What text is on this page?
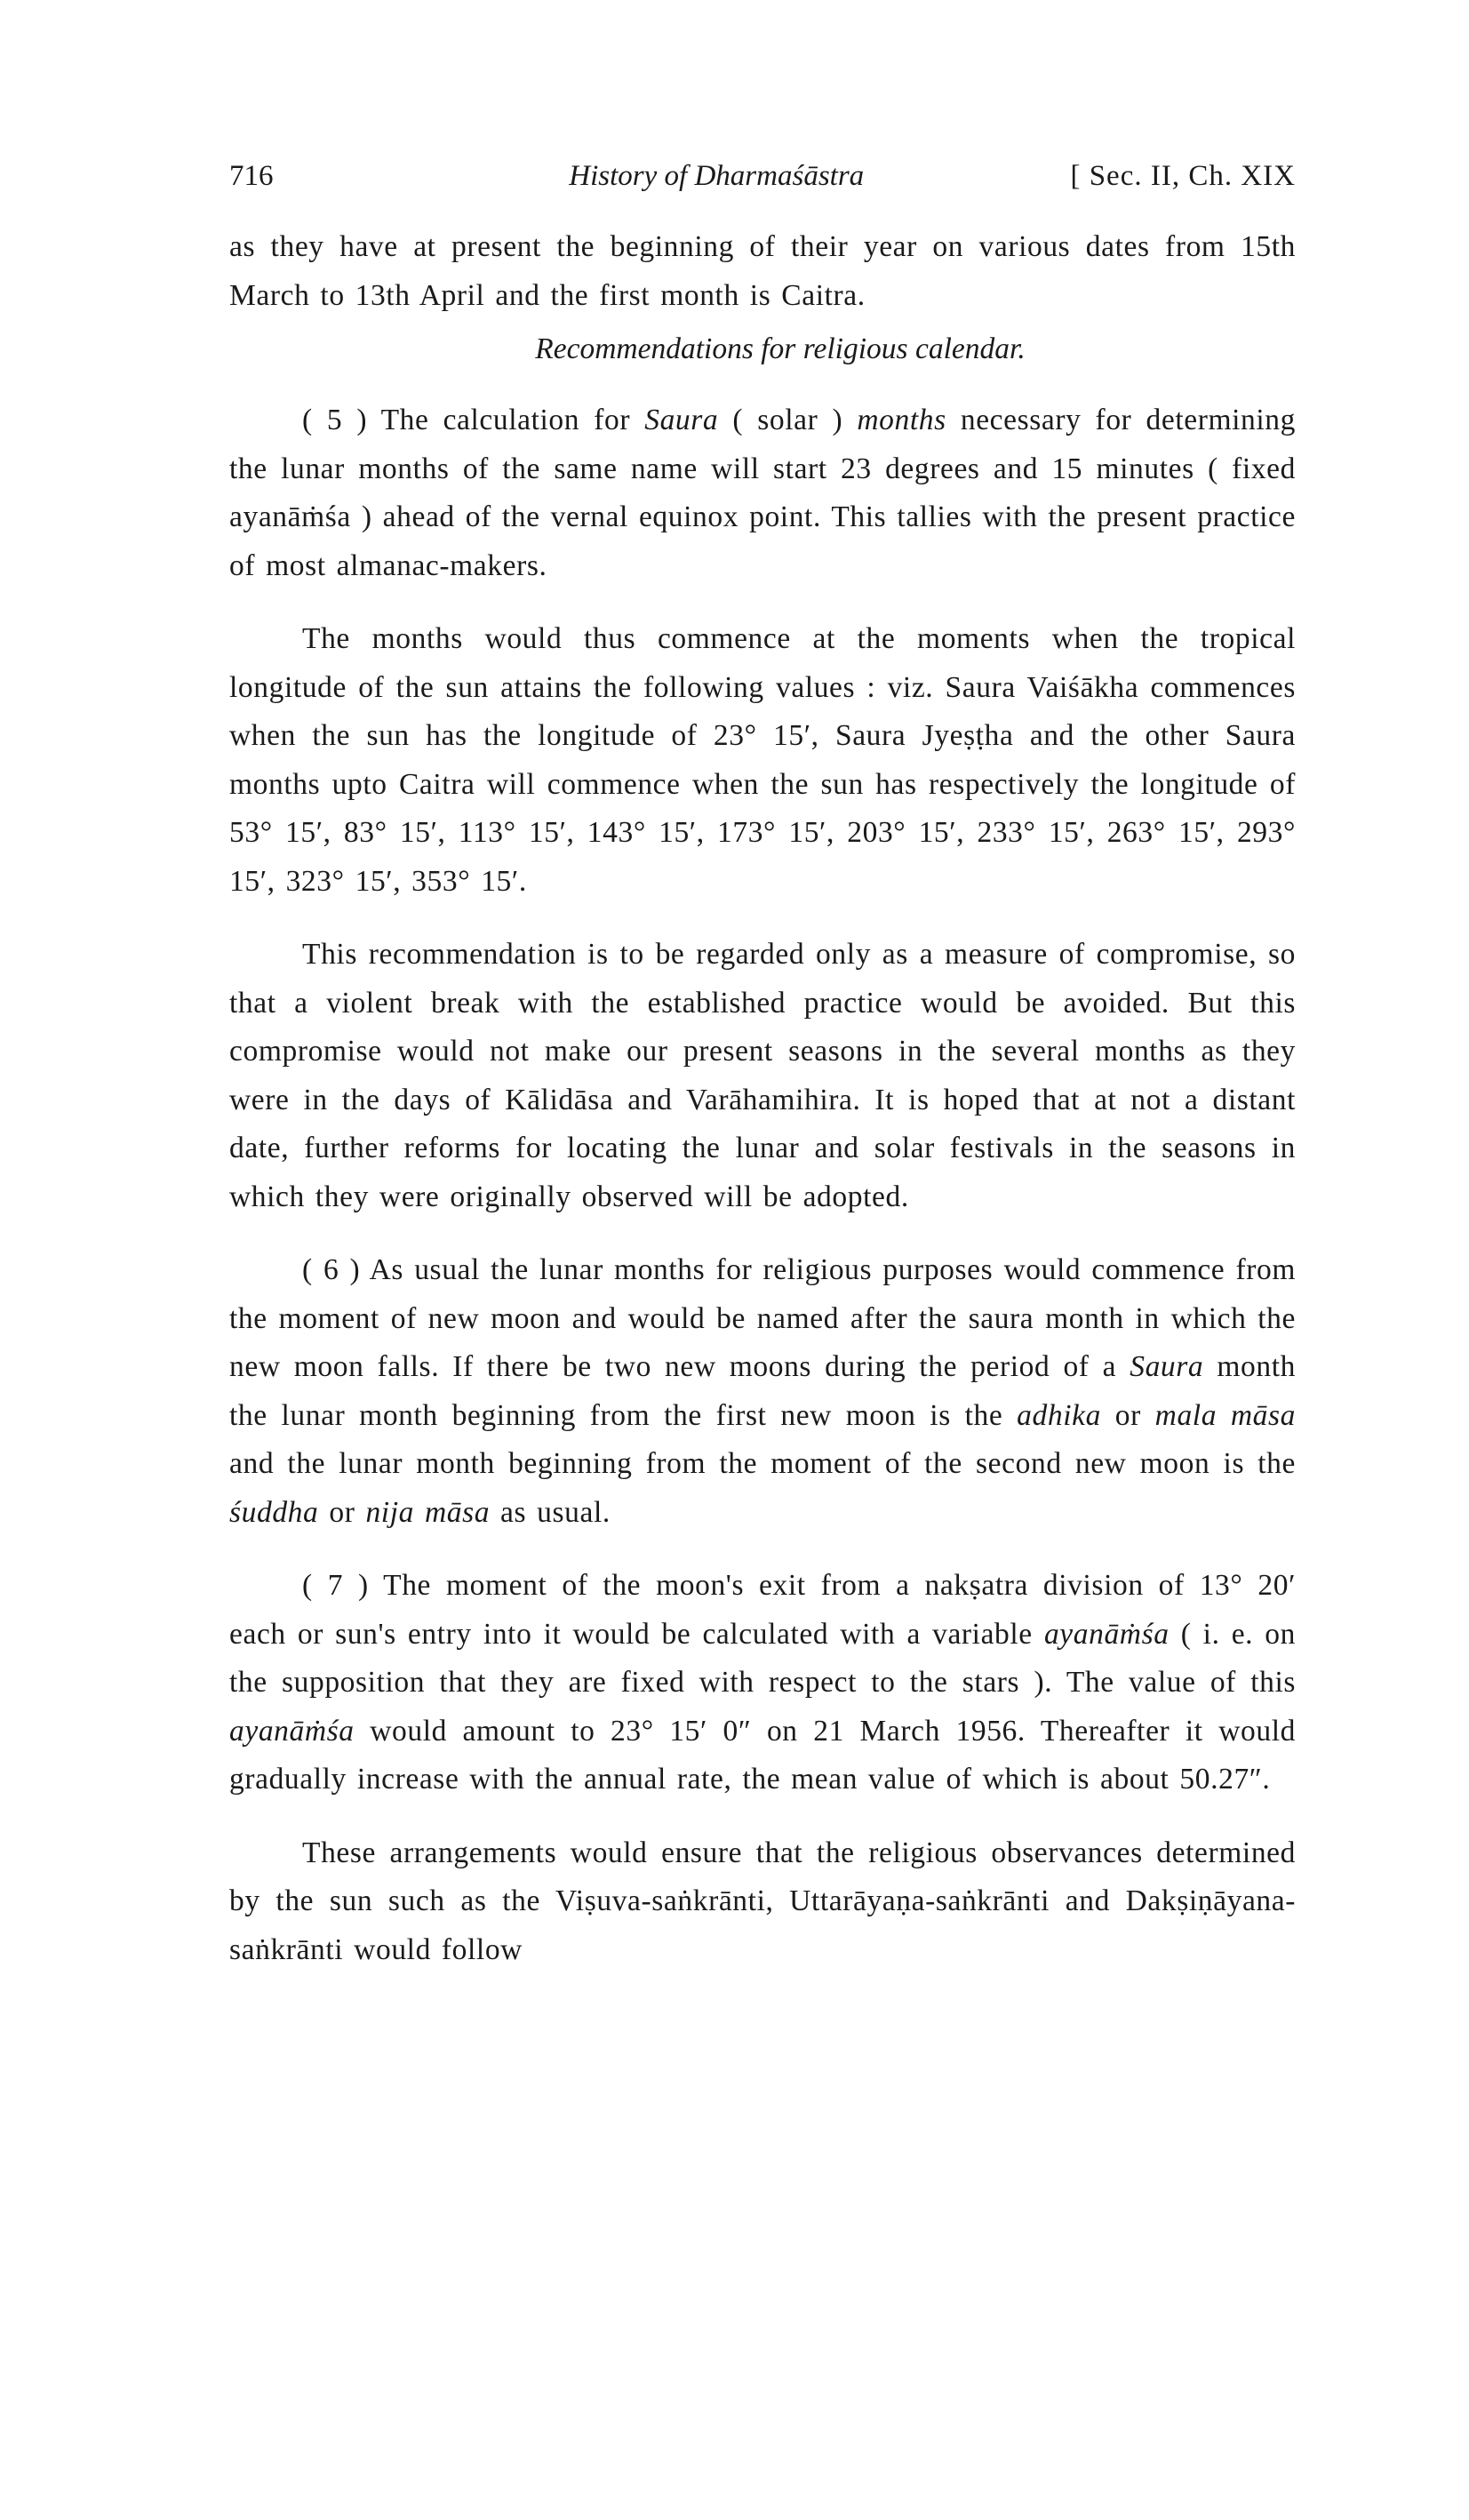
716	History of Dharmaśāstra	[ Sec. II, Ch. XIX

as they have at present the beginning of their year on various dates from 15th March to 13th April and the first month is Caitra.

Recommendations for religious calendar.

( 5 ) The calculation for Saura ( solar ) months necessary for determining the lunar months of the same name will start 23 degrees and 15 minutes ( fixed ayanāṁśa ) ahead of the vernal equinox point. This tallies with the present practice of most almanac-makers.

The months would thus commence at the moments when the tropical longitude of the sun attains the following values : viz. Saura Vaiśākha commences when the sun has the longitude of 23° 15′, Saura Jyeṣṭha and the other Saura months upto Caitra will commence when the sun has respectively the longitude of 53° 15′, 83° 15′, 113° 15′, 143° 15′, 173° 15′, 203° 15′, 233° 15′, 263° 15′, 293° 15′, 323° 15′, 353° 15′.

This recommendation is to be regarded only as a measure of compromise, so that a violent break with the established practice would be avoided. But this compromise would not make our present seasons in the several months as they were in the days of Kālidāsa and Varāhamihira. It is hoped that at not a distant date, further reforms for locating the lunar and solar festivals in the seasons in which they were originally observed will be adopted.

( 6 ) As usual the lunar months for religious purposes would commence from the moment of new moon and would be named after the saura month in which the new moon falls. If there be two new moons during the period of a Saura month the lunar month beginning from the first new moon is the adhika or mala māsa and the lunar month beginning from the moment of the second new moon is the śuddha or nija māsa as usual.

( 7 ) The moment of the moon's exit from a nakṣatra division of 13° 20′ each or sun's entry into it would be calculated with a variable ayanāṁśa ( i. e. on the supposition that they are fixed with respect to the stars ). The value of this ayanāṁśa would amount to 23° 15′ 0″ on 21 March 1956. Thereafter it would gradually increase with the annual rate, the mean value of which is about 50.27″.

These arrangements would ensure that the religious observances determined by the sun such as the Viṣuva-saṅkrānti, Uttarāyaṇa-saṅkrānti and Dakṣiṇāyana-saṅkrānti would follow
